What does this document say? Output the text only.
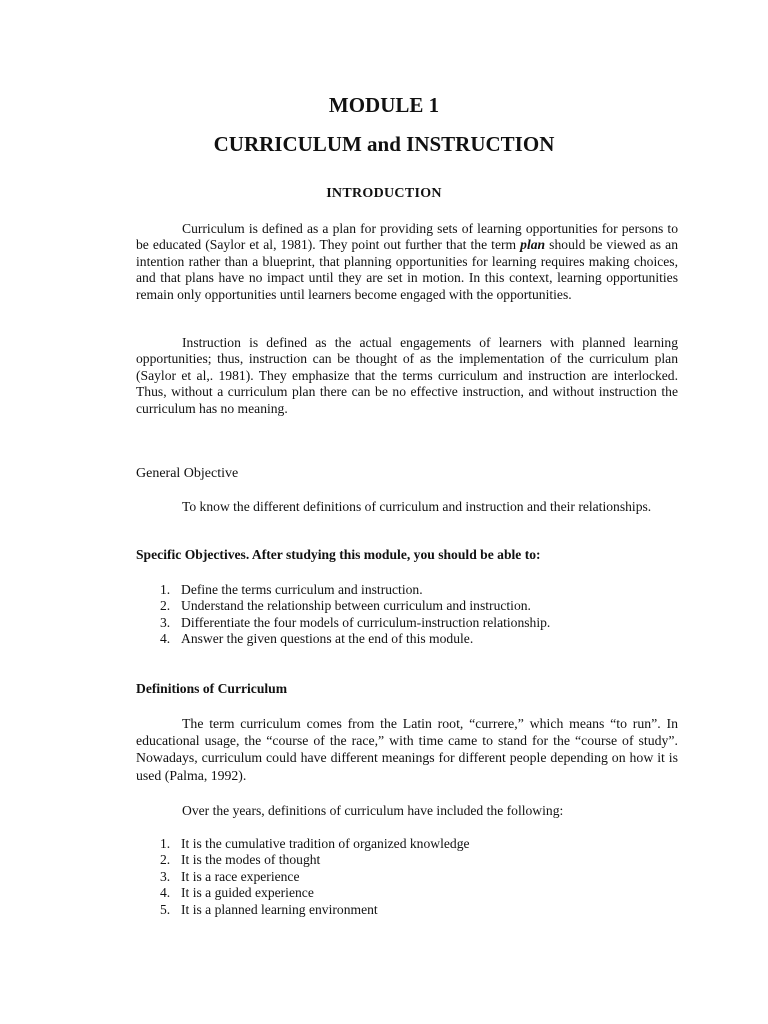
MODULE 1
CURRICULUM and INSTRUCTION
INTRODUCTION

Curriculum is defined as a plan for providing sets of learning opportunities for persons to be educated (Saylor et al, 1981). They point out further that the term plan should be viewed as an intention rather than a blueprint, that planning opportunities for learning requires making choices, and that plans have no impact until they are set in motion. In this context, learning opportunities remain only opportunities until learners become engaged with the opportunities.

Instruction is defined as the actual engagements of learners with planned learning opportunities; thus, instruction can be thought of as the implementation of the curriculum plan (Saylor et al,. 1981). They emphasize that the terms curriculum and instruction are interlocked. Thus, without a curriculum plan there can be no effective instruction, and without instruction the curriculum has no meaning.

General Objective

To know the different definitions of curriculum and instruction and their relationships.

Specific Objectives. After studying this module, you should be able to:

1. Define the terms curriculum and instruction.
2. Understand the relationship between curriculum and instruction.
3. Differentiate the four models of curriculum-instruction relationship.
4. Answer the given questions at the end of this module.

Definitions of Curriculum

The term curriculum comes from the Latin root, “currere,” which means “to run”. In educational usage, the “course of the race,” with time came to stand for the “course of study”. Nowadays, curriculum could have different meanings for different people depending on how it is used (Palma, 1992).

Over the years, definitions of curriculum have included the following:

1. It is the cumulative tradition of organized knowledge
2. It is the modes of thought
3. It is a race experience
4. It is a guided experience
5. It is a planned learning environment
